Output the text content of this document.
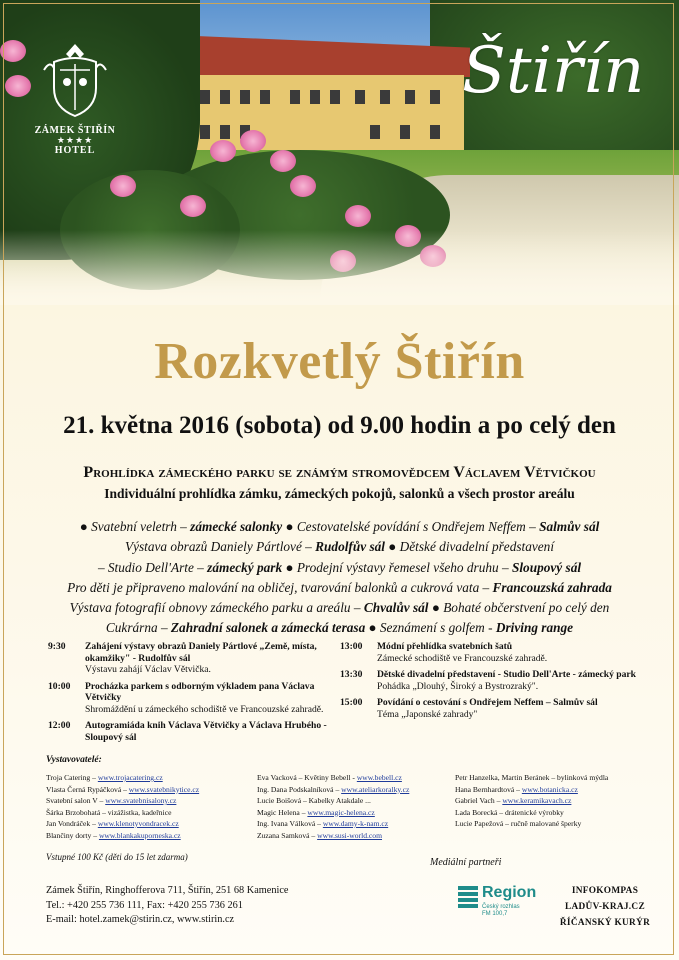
ZÁMEK ŠTIŘÍN
★★★★
HOTEL
Štiřín
Rozkvetlý Štiřín
21. května 2016 (sobota) od 9.00 hodin a po celý den
Prohlídka zámeckého parku se známým stromovědcem Václavem Větvičkou
Individuální prohlídka zámku, zámeckých pokojů, salonků a všech prostor areálu
● Svatební veletrh – zámecké salonky ● Cestovatelské povídání s Ondřejem Neffem – Salmův sál
Výstava obrazů Daniely Pártlové – Rudolfův sál ● Dětské divadelní představení
– Studio Dell'Arte – zámecký park ● Prodejní výstavy řemesel všeho druhu – Sloupový sál
Pro děti je připraveno malování na obličej, tvarování balonků a cukrová vata – Francouzská zahrada
Výstava fotografií obnovy zámeckého parku a areálu – Chvalův sál ● Bohaté občerstvení po celý den
Cukrárna – Zahradní salonek a zámecká terasa ● Seznámení s golfem - Driving range
9:30	Zahájení výstavy obrazů Daniely Pártlové „Země, místa, okamžiky" - Rudolfův sál
Výstavu zahájí Václav Větvička.
10:00	Procházka parkem s odborným výkladem pana Václava Větvičky
Shromáždění u zámeckého schodiště ve Francouzské zahradě.
12:00	Autogramiáda knih Václava Větvičky a Václava Hrubého - Sloupový sál
13:00	Módní přehlídka svatebních šatů
Zámecké schodiště ve Francouzské zahradě.
13:30	Dětské divadelní představení - Studio Dell'Arte - zámecký park
Pohádka „Dlouhý, Široký a Bystrozraký".
15:00	Povídání o cestování s Ondřejem Neffem – Salmův sál
Téma „Japonské zahrady"
Vystavovatelé:
Troja Catering – www.trojacatering.cz
Vlasta Černá Rypáčková – www.svatebnikytice.cz
Svatební salon V – www.svatebnisalony.cz
Šárka Brzobohatá – vizážistka, kadeřnice
Jan Vondráček – www.klenotyvondracek.cz
Blančiny dorty – www.blankakuporneska.cz
Eva Vacková – Květiny Bebell - www.bebell.cz
Ing. Dana Podskalníková – www.ateliarkoralky.cz
Lucie Boišová – Kabelky Atakdale ...
Magic Helena – www.magic-helena.cz
Ing. Ivana Válková – www.damy-k-nam.cz
Zuzana Samková – www.susi-world.com
Petr Hanzelka, Martin Beránek – bylinková mýdla
Hana Bernhardtová – www.botanicka.cz
Gabriel Vach – www.keramikavach.cz
Lada Borecká – drátenické výrobky
Lucie Papežová – ručně malované šperky
Vstupné 100 Kč (děti do 15 let zdarma)
Zámek Štiřín, Ringhofferova 711, Štiřín, 251 68 Kamenice
Tel.: +420 255 736 111, Fax: +420 255 736 261
E-mail: hotel.zamek@stirin.cz, www.stirin.cz
Mediální partneři
Region
Český rozhlas
FM 100,7
INFOKOMPAS
LADŮV-KRAJ.CZ
ŘÍČANSKÝ KURÝR
